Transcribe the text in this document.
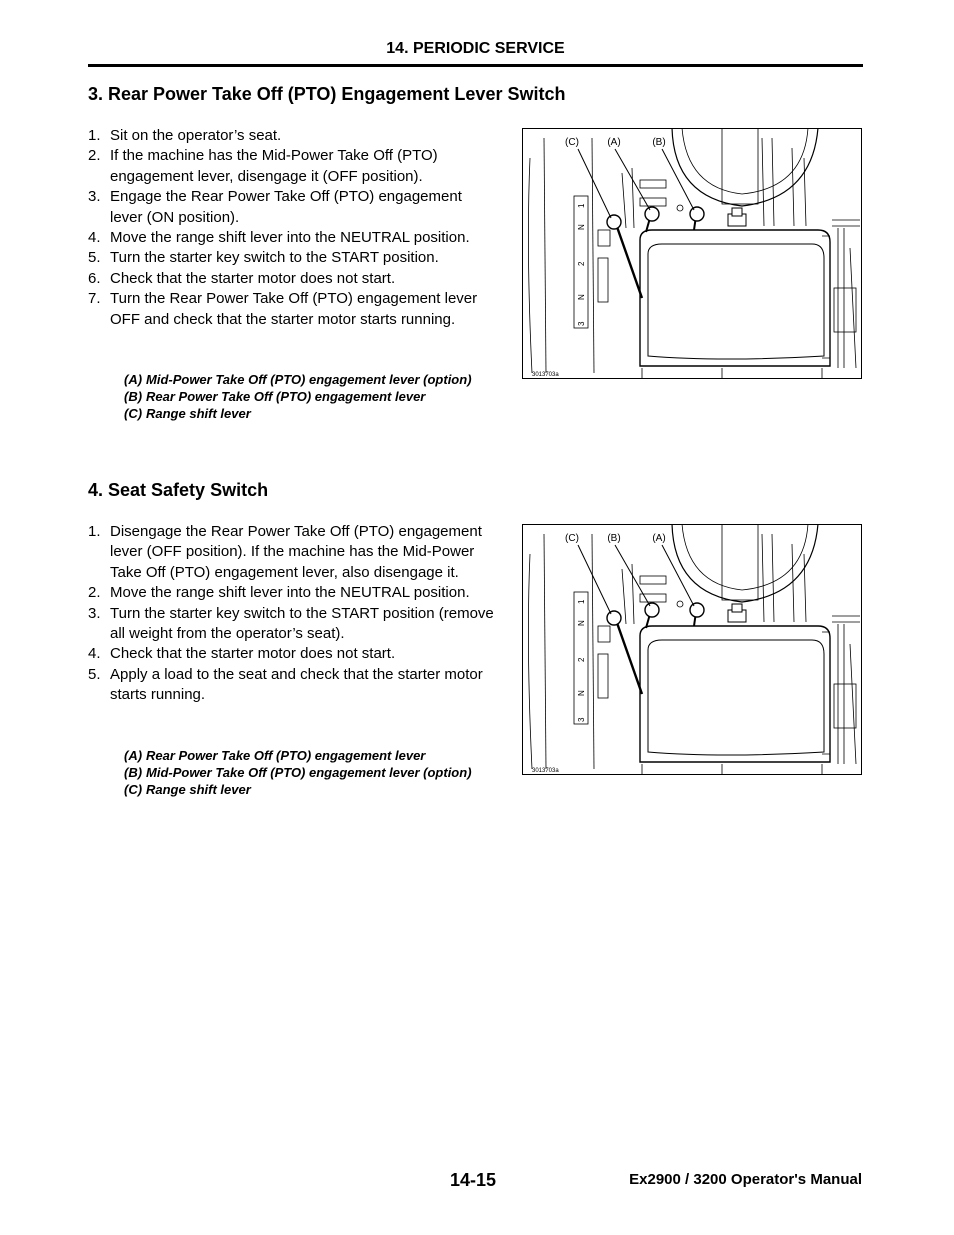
14. PERIODIC SERVICE
3. Rear Power Take Off (PTO) Engagement Lever Switch
1. Sit on the operator’s seat.
2. If the machine has the Mid-Power Take Off (PTO) engagement lever, disengage it (OFF position).
3. Engage the Rear Power Take Off (PTO) engagement lever (ON position).
4. Move the range shift lever into the NEUTRAL position.
5. Turn the starter key switch to the START position.
6. Check that the starter motor does not start.
7. Turn the Rear Power Take Off (PTO) engagement lever OFF and check that the starter motor starts running.
(A) Mid-Power Take Off (PTO) engagement lever (option)
(B) Rear Power Take Off (PTO) engagement lever
(C) Range shift lever
(C)	(A)	(B)
1
N
2
N
3
3013703a
4. Seat Safety Switch
1. Disengage the Rear Power Take Off (PTO) engagement lever (OFF position). If the machine has the Mid-Power Take Off (PTO) engagement lever, also disengage it.
2. Move the range shift lever into the NEUTRAL position.
3. Turn the starter key switch to the START position (remove all weight from the operator’s seat).
4. Check that the starter motor does not start.
5. Apply a load to the seat and check that the starter motor starts running.
(A) Rear Power Take Off (PTO) engagement lever
(B) Mid-Power Take Off (PTO) engagement lever (option)
(C) Range shift lever
(C)	(B)	(A)
1
N
2
N
3
3013703a
14-15	Ex2900 / 3200 Operator's Manual
